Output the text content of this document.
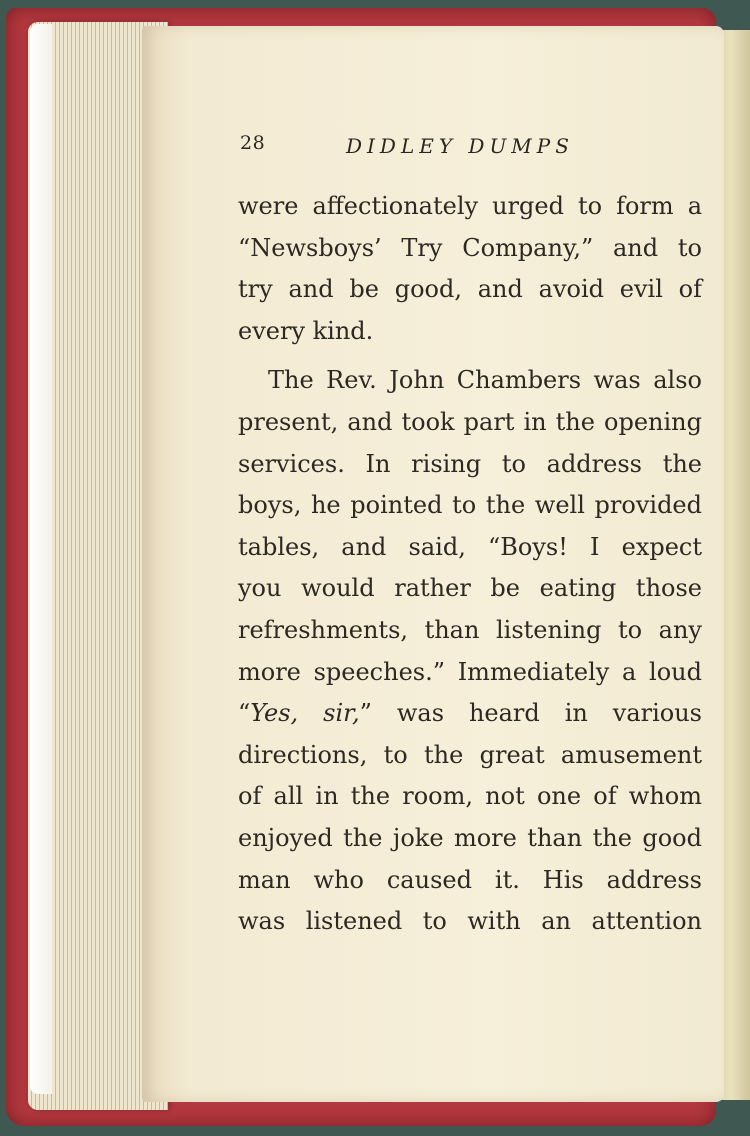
28	DIDLEY DUMPS
were affectionately urged to form a
“Newsboys’ Try Company,” and to
try and be good, and avoid evil of
every kind.
The Rev. John Chambers was also
present, and took part in the opening
services. In rising to address the
boys, he pointed to the well provided
tables, and said, “Boys! I expect
you would rather be eating those
refreshments, than listening to any
more speeches.” Immediately a loud
“Yes, sir,” was heard in various
directions, to the great amusement
of all in the room, not one of whom
enjoyed the joke more than the good
man who caused it. His address
was listened to with an attention
